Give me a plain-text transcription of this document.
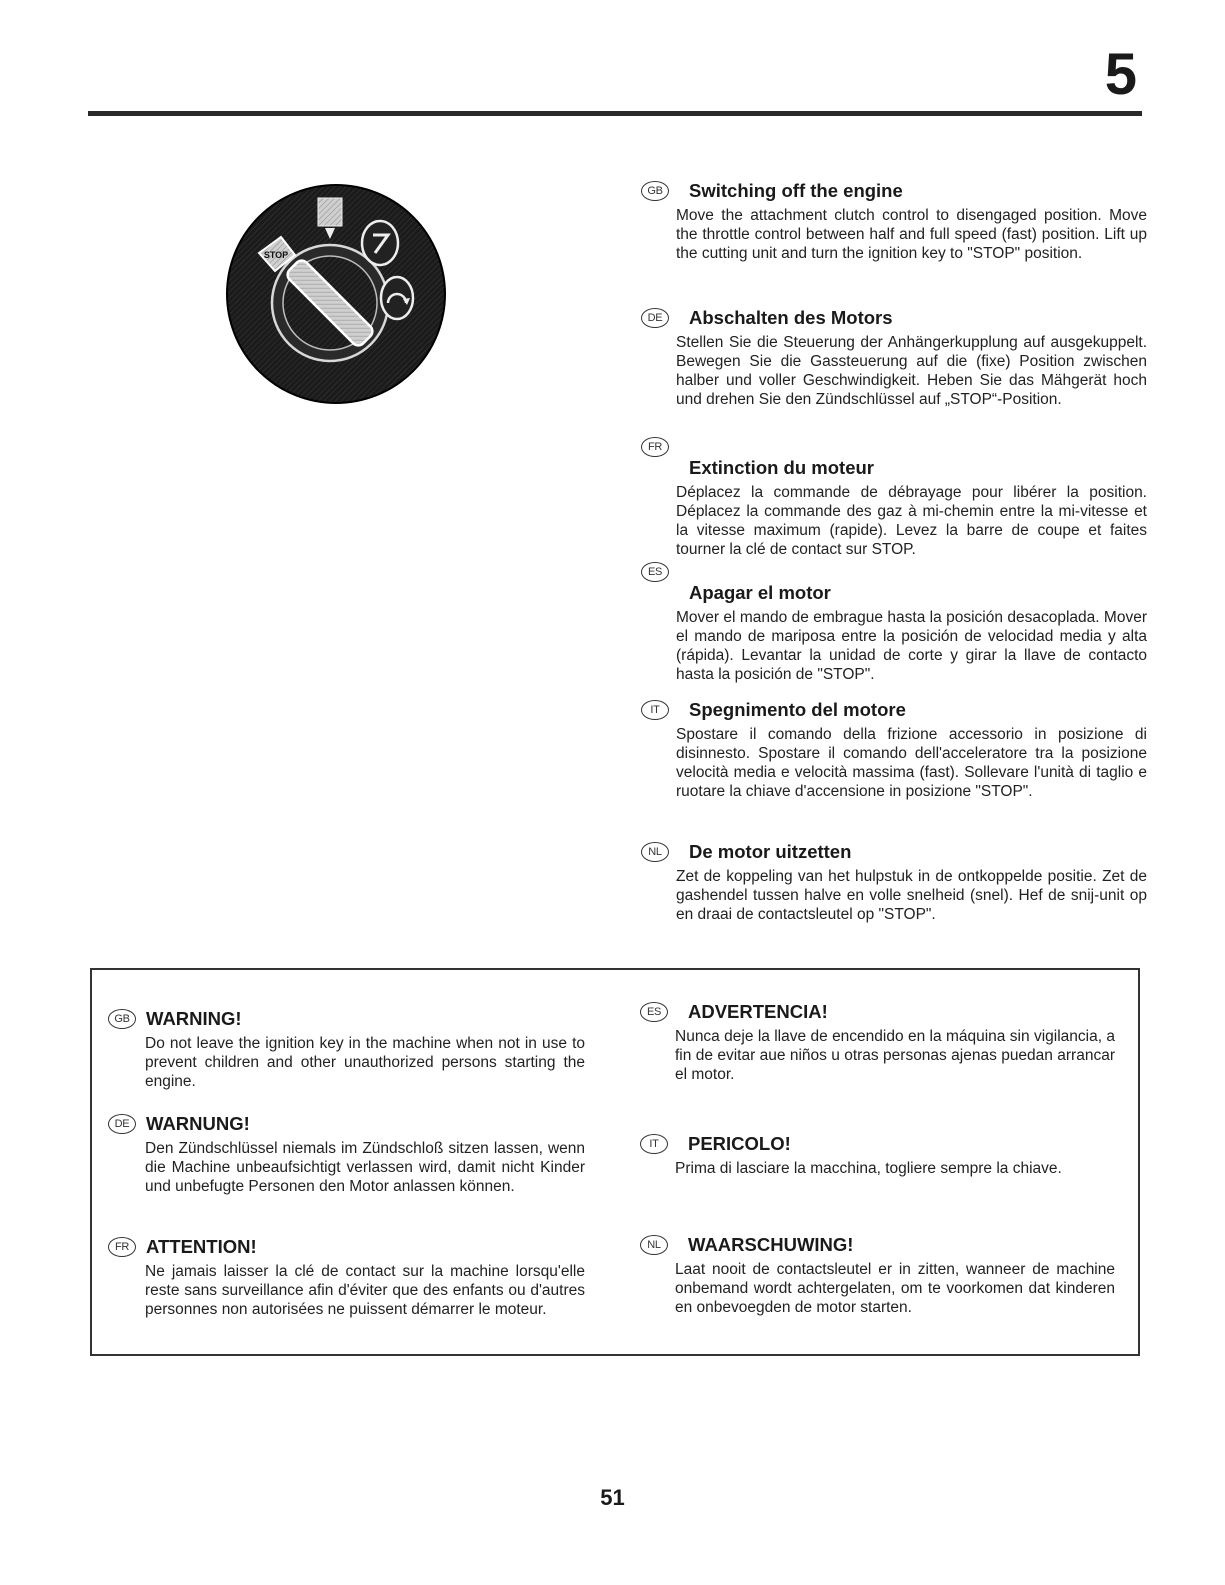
5
STOP
GB	Switching off the engine
Move the attachment clutch control to disengaged position. Move the throttle control between half and full speed (fast) position. Lift up the cutting unit and turn the ignition key to "STOP" position.
DE	Abschalten des Motors
Stellen Sie die Steuerung der Anhängerkupplung auf ausgekuppelt. Bewegen Sie die Gassteuerung auf die (fixe) Position zwischen halber und voller Geschwindigkeit. Heben Sie das Mähgerät hoch und drehen Sie den Zündschlüssel auf „STOP“-Position.
FR
Extinction du moteur
Déplacez la commande de débrayage pour libérer la position. Déplacez la commande des gaz à mi-chemin entre la mi-vitesse et la vitesse maximum (rapide). Levez la barre de coupe et faites tourner la clé de contact sur STOP.
ES
Apagar el motor
Mover el mando de embrague hasta la posición desacoplada. Mover el mando de mariposa entre la posición de velocidad media y alta (rápida). Levantar la unidad de corte y girar la llave de contacto hasta la posición de "STOP".
IT	Spegnimento del motore
Spostare il comando della frizione accessorio in posizione di disinnesto. Spostare il comando dell'acceleratore tra la posizione velocità media e velocità massima (fast). Sollevare l'unità di taglio e ruotare la chiave d'accensione in posizione "STOP".
NL	De motor uitzetten
Zet de koppeling van het hulpstuk in de ontkoppelde positie. Zet de gashendel tussen halve en volle snelheid (snel). Hef de snij-unit op en draai de contactsleutel op "STOP".
GB WARNING!
Do not leave the ignition key in the machine when not in use to prevent children and other unauthorized persons starting the engine.
DE WARNUNG!
Den Zündschlüssel niemals im Zündschloß sitzen lassen, wenn die Machine unbeaufsichtigt verlassen wird, damit nicht Kinder und unbefugte Personen den Motor anlassen können.
FR ATTENTION!
Ne jamais laisser la clé de contact sur la machine lorsqu'elle reste sans surveillance afin d'éviter que des enfants ou d'autres personnes non autorisées ne puissent démarrer le moteur.
ES	ADVERTENCIA!
Nunca deje la llave de encendido en la máquina sin vigilancia, a fin de evitar aue niños u otras personas ajenas puedan arrancar el motor.
IT	PERICOLO!
Prima di lasciare la macchina, togliere sempre la chiave.
NL	WAARSCHUWING!
Laat nooit de contactsleutel er in zitten, wanneer de machine onbemand wordt achtergelaten, om te voorkomen dat kinderen en onbevoegden de motor starten.
51
